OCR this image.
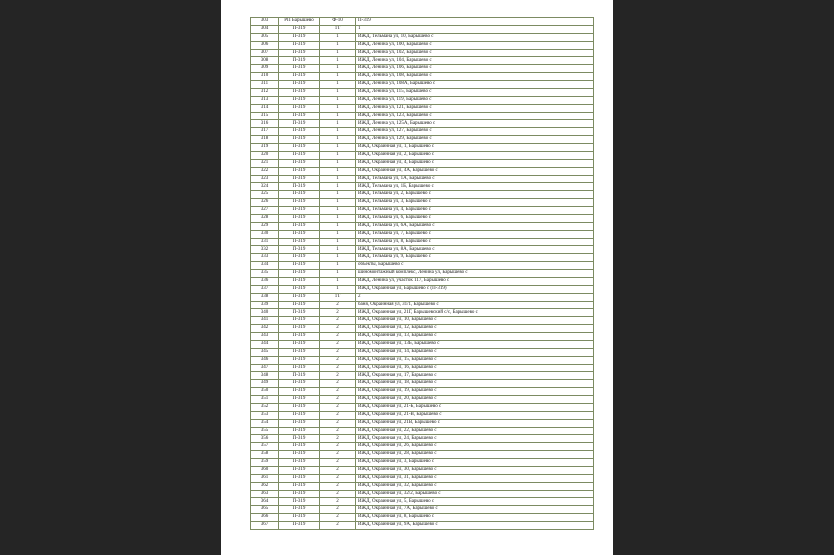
303	РП Барышево	Ф-10	П-319
304	П-319	1Т	1
305	П-319	1	ИЖД, Тельмана ул, 10, Барышево с
306	П-319	1	ИЖД, Ленина ул, 100, Барышево с
307	П-319	1	ИЖД, Ленина ул, 102, Барышево с
308	П-319	1	ИЖД, Ленина ул, 104, Барышево с
309	П-319	1	ИЖД, Ленина ул, 106, Барышево с
310	П-319	1	ИЖД, Ленина ул, 108, Барышево с
311	П-319	1	ИЖД, Ленина ул, 108А, Барышево с
312	П-319	1	ИЖД, Ленина ул, 115, Барышево с
313	П-319	1	ИЖД, Ленина ул, 119, Барышево с
314	П-319	1	ИЖД, Ленина ул, 121, Барышево с
315	П-319	1	ИЖД, Ленина ул, 123, Барышево с
316	П-319	1	ИЖД, Ленина ул, 125А, Барышево с
317	П-319	1	ИЖД, Ленина ул, 127, Барышево с
318	П-319	1	ИЖД, Ленина ул, 129, Барышево с
319	П-319	1	ИЖД, Окраинная ул, 1, Барышево с
320	П-319	1	ИЖД, Окраинная ул, 2, Барышево с
321	П-319	1	ИЖД, Окраинная ул, 4, Барышево с
322	П-319	1	ИЖД, Окраинная ул, 4А, Барышево с
323	П-319	1	ИЖД, Тельмана ул, 1А, Барышево с
324	П-319	1	ИЖД, Тельмана ул, 1Б, Барышево с
325	П-319	1	ИЖД, Тельмана ул, 2, Барышево с
326	П-319	1	ИЖД, Тельмана ул, 3, Барышево с
327	П-319	1	ИЖД, Тельмана ул, 4, Барышево с
328	П-319	1	ИЖД, Тельмана ул, 6, Барышево с
329	П-319	1	ИЖД, Тельмана ул, 6А, Барышево с
330	П-319	1	ИЖД, Тельмана ул, 7, Барышево с
331	П-319	1	ИЖД, Тельмана ул, 8, Барышево с
332	П-319	1	ИЖД, Тельмана ул, 8А, Барышево с
333	П-319	1	ИЖД, Тельмана ул, 9, Барышево с
334	П-319	1	объекты, Барышево с
335	П-319	1	шиномонтажный комплекс, Ленина ул, Барышево с
336	П-319	1	ИЖД, Ленина ул, участок 117, Барышево с
337	П-319	1	ИЖД, Окраинная ул, Барышево с (П-319)
338	П-319	1Т	2
339	П-319	2	баня, Окраинная ул, 31/1, Барышево с
340	П-319	2	ИЖД, Окраинная ул, 21Г, Барышевский с/с, Барышево с
341	П-319	2	ИЖД, Окраинная ул, 10, Барышево с
342	П-319	2	ИЖД, Окраинная ул, 12, Барышево с
343	П-319	2	ИЖД, Окраинная ул, 13, Барышево с
344	П-319	2	ИЖД, Окраинная ул, 13Б, Барышево с
345	П-319	2	ИЖД, Окраинная ул, 14, Барышево с
346	П-319	2	ИЖД, Окраинная ул, 15, Барышево с
347	П-319	2	ИЖД, Окраинная ул, 16, Барышево с
348	П-319	2	ИЖД, Окраинная ул, 17, Барышево с
349	П-319	2	ИЖД, Окраинная ул, 18, Барышево с
350	П-319	2	ИЖД, Окраинная ул, 19, Барышево с
351	П-319	2	ИЖД, Окраинная ул, 20, Барышево с
352	П-319	2	ИЖД, Окраинная ул, 21-Б, Барышево с
353	П-319	2	ИЖД, Окраинная ул, 21-В, Барышево с
354	П-319	2	ИЖД, Окраинная ул, 21В, Барышево с
355	П-319	2	ИЖД, Окраинная ул, 22, Барышево с
356	П-319	2	ИЖД, Окраинная ул, 24, Барышево с
357	П-319	2	ИЖД, Окраинная ул, 26, Барышево с
358	П-319	2	ИЖД, Окраинная ул, 28, Барышево с
359	П-319	2	ИЖД, Окраинная ул, 3, Барышево с
360	П-319	2	ИЖД, Окраинная ул, 30, Барышево с
361	П-319	2	ИЖД, Окраинная ул, 31, Барышево с
362	П-319	2	ИЖД, Окраинная ул, 32, Барышево с
363	П-319	2	ИЖД, Окраинная ул, 32/2, Барышево с
364	П-319	2	ИЖД, Окраинная ул, 5, Барышево с
365	П-319	2	ИЖД, Окраинная ул, 7А, Барышево с
366	П-319	2	ИЖД, Окраинная ул, 8, Барышево с
367	П-319	2	ИЖД, Окраинная ул, 9А, Барышево с
